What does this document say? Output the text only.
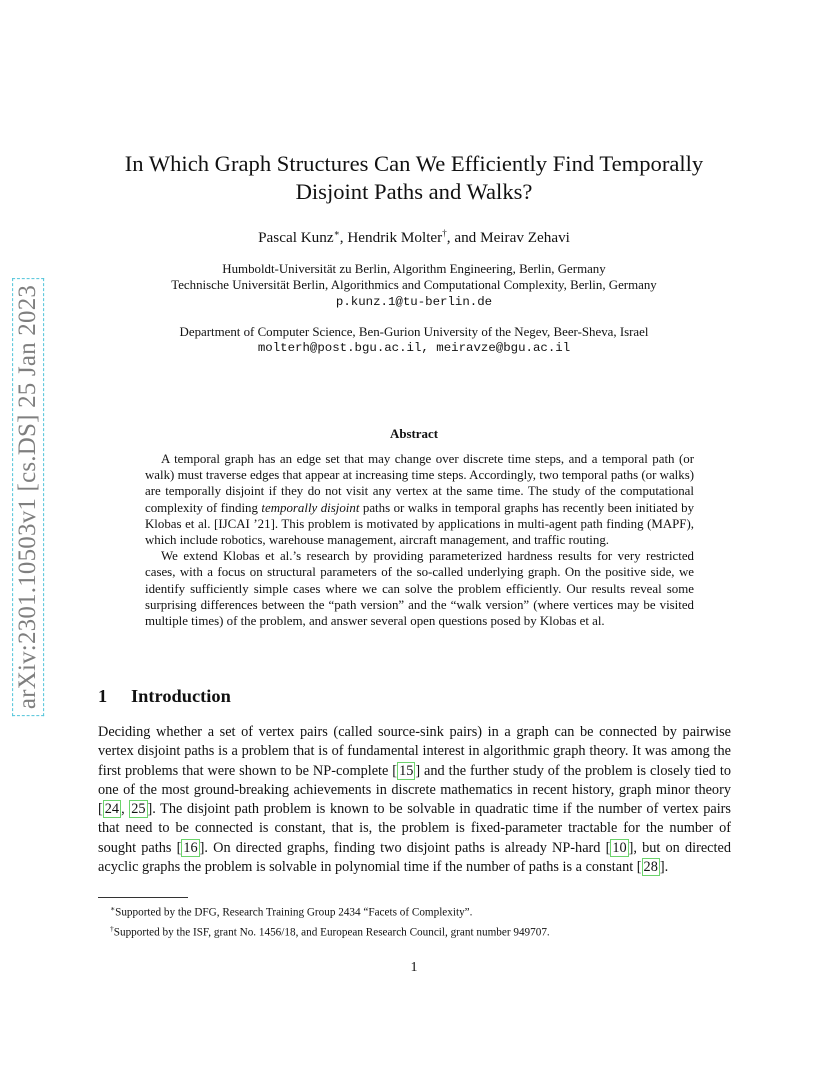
arXiv:2301.10503v1 [cs.DS] 25 Jan 2023
In Which Graph Structures Can We Efficiently Find Temporally
Disjoint Paths and Walks?
Pascal Kunz∗, Hendrik Molter†, and Meirav Zehavi
Humboldt-Universität zu Berlin, Algorithm Engineering, Berlin, Germany
Technische Universität Berlin, Algorithmics and Computational Complexity, Berlin, Germany
p.kunz.1@tu-berlin.de
Department of Computer Science, Ben-Gurion University of the Negev, Beer-Sheva, Israel
molterh@post.bgu.ac.il, meiravze@bgu.ac.il
Abstract

A temporal graph has an edge set that may change over discrete time steps, and a temporal path (or walk) must traverse edges that appear at increasing time steps. Accordingly, two temporal paths (or walks) are temporally disjoint if they do not visit any vertex at the same time. The study of the computational complexity of finding temporally disjoint paths or walks in temporal graphs has recently been initiated by Klobas et al. [IJCAI ’21]. This problem is motivated by applications in multi-agent path finding (MAPF), which include robotics, warehouse management, aircraft management, and traffic routing.

We extend Klobas et al.’s research by providing parameterized hardness results for very restricted cases, with a focus on structural parameters of the so-called underlying graph. On the positive side, we identify sufficiently simple cases where we can solve the problem efficiently. Our results reveal some surprising differences between the “path version” and the “walk version” (where vertices may be visited multiple times) of the problem, and answer several open questions posed by Klobas et al.

1 Introduction

Deciding whether a set of vertex pairs (called source-sink pairs) in a graph can be connected by pairwise vertex disjoint paths is a problem that is of fundamental interest in algorithmic graph theory. It was among the first problems that were shown to be NP-complete [ 15 ] and the further study of the problem is closely tied to one of the most ground-breaking achievements in discrete mathematics in recent history, graph minor theory [ 24 , 25 ]. The disjoint path problem is known to be solvable in quadratic time if the number of vertex pairs that need to be connected is constant, that is, the problem is fixed-parameter tractable for the number of sought paths [ 16 ]. On directed graphs, finding two disjoint paths is already NP-hard [ 10 ], but on directed acyclic graphs the problem is solvable in polynomial time if the number of paths is a constant [ 28 ].

∗Supported by the DFG, Research Training Group 2434 “Facets of Complexity”.
†Supported by the ISF, grant No. 1456/18, and European Research Council, grant number 949707.
1
